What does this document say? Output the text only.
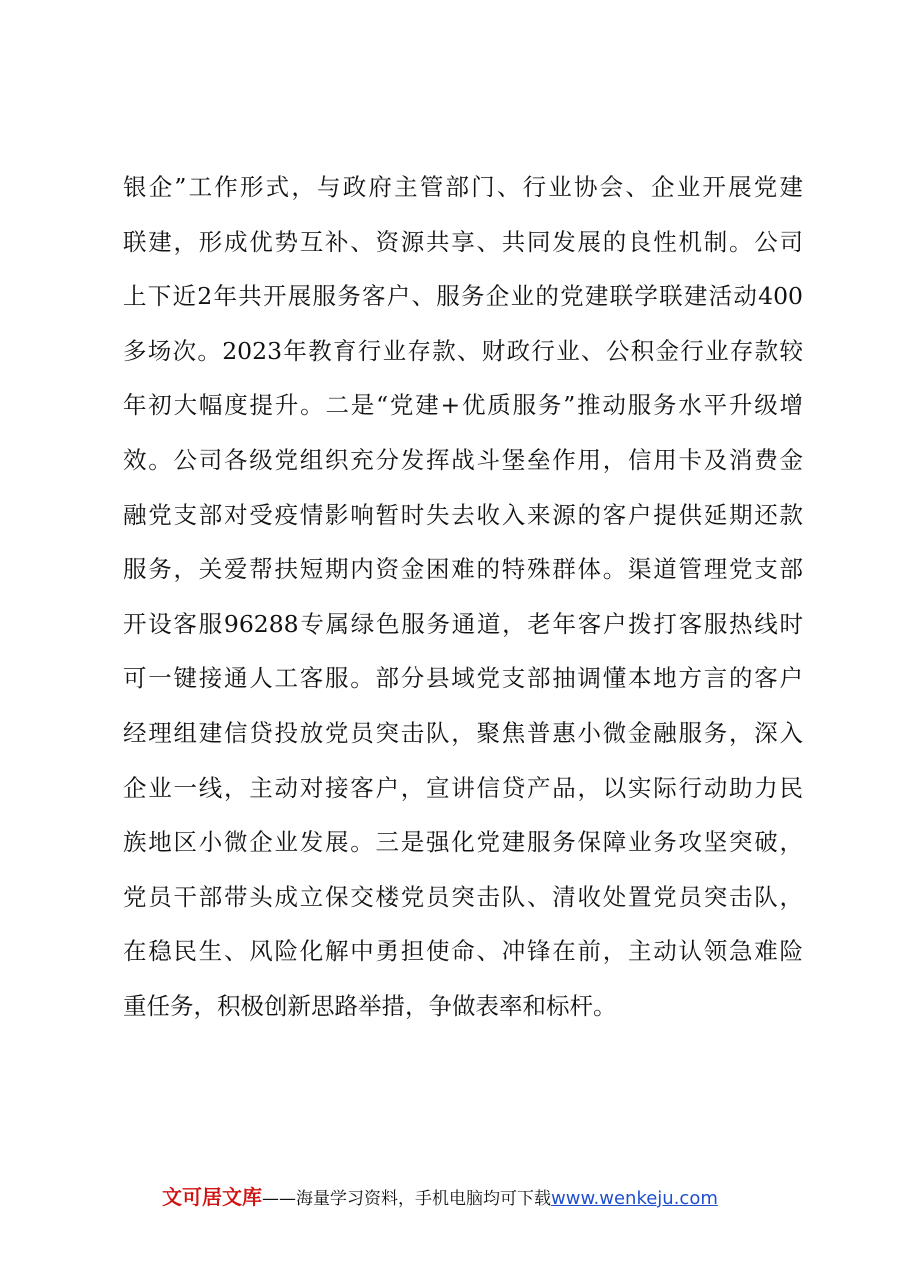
银企”工作形式，与政府主管部门、行业协会、企业开展党建
联建，形成优势互补、资源共享、共同发展的良性机制。公司
上下近2年共开展服务客户、服务企业的党建联学联建活动400
多场次。2023年教育行业存款、财政行业、公积金行业存款较
年初大幅度提升。二是“党建+优质服务”推动服务水平升级增
效。公司各级党组织充分发挥战斗堡垒作用，信用卡及消费金
融党支部对受疫情影响暂时失去收入来源的客户提供延期还款
服务，关爱帮扶短期内资金困难的特殊群体。渠道管理党支部
开设客服96288专属绿色服务通道，老年客户拨打客服热线时
可一键接通人工客服。部分县域党支部抽调懂本地方言的客户
经理组建信贷投放党员突击队，聚焦普惠小微金融服务，深入
企业一线，主动对接客户，宣讲信贷产品，以实际行动助力民
族地区小微企业发展。三是强化党建服务保障业务攻坚突破，
党员干部带头成立保交楼党员突击队、清收处置党员突击队，
在稳民生、风险化解中勇担使命、冲锋在前，主动认领急难险
重任务，积极创新思路举措，争做表率和标杆。
文可居文库——海量学习资料，手机电脑均可下载www.wenkeju.com
